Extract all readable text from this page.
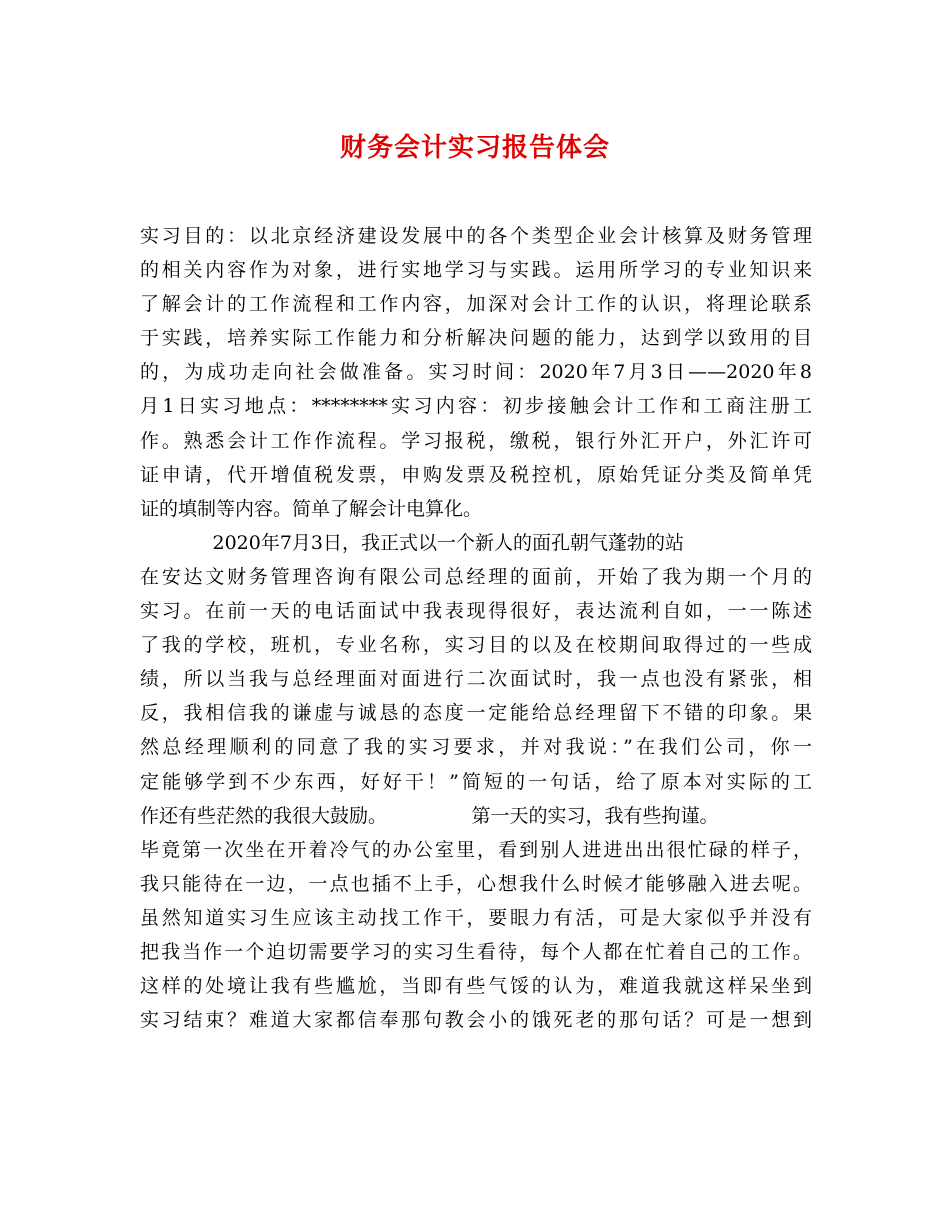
财务会计实习报告体会
实习目的：以北京经济建设发展中的各个类型企业会计核算及财务管理
的相关内容作为对象，进行实地学习与实践。运用所学习的专业知识来
了解会计的工作流程和工作内容，加深对会计工作的认识，将理论联系
于实践，培养实际工作能力和分析解决问题的能力，达到学以致用的目
的，为成功走向社会做准备。实习时间：2020年7月3日——2020年8
月1日实习地点：********实习内容：初步接触会计工作和工商注册工
作。熟悉会计工作作流程。学习报税，缴税，银行外汇开户，外汇许可
证申请，代开增值税发票，申购发票及税控机，原始凭证分类及简单凭
证的填制等内容。简单了解会计电算化。
2020年7月3日，我正式以一个新人的面孔朝气蓬勃的站
在安达文财务管理咨询有限公司总经理的面前，开始了我为期一个月的
实习。在前一天的电话面试中我表现得很好，表达流利自如，一一陈述
了我的学校，班机，专业名称，实习目的以及在校期间取得过的一些成
绩，所以当我与总经理面对面进行二次面试时，我一点也没有紧张，相
反，我相信我的谦虚与诚恳的态度一定能给总经理留下不错的印象。果
然总经理顺利的同意了我的实习要求，并对我说：”在我们公司，你一
定能够学到不少东西，好好干！”简短的一句话，给了原本对实际的工
作还有些茫然的我很大鼓励。              第一天的实习，我有些拘谨。
毕竟第一次坐在开着冷气的办公室里，看到别人进进出出很忙碌的样子，
我只能待在一边，一点也插不上手，心想我什么时候才能够融入进去呢。
虽然知道实习生应该主动找工作干，要眼力有活，可是大家似乎并没有
把我当作一个迫切需要学习的实习生看待，每个人都在忙着自己的工作。
这样的处境让我有些尴尬，当即有些气馁的认为，难道我就这样呆坐到
实习结束？难道大家都信奉那句教会小的饿死老的那句话？可是一想到
